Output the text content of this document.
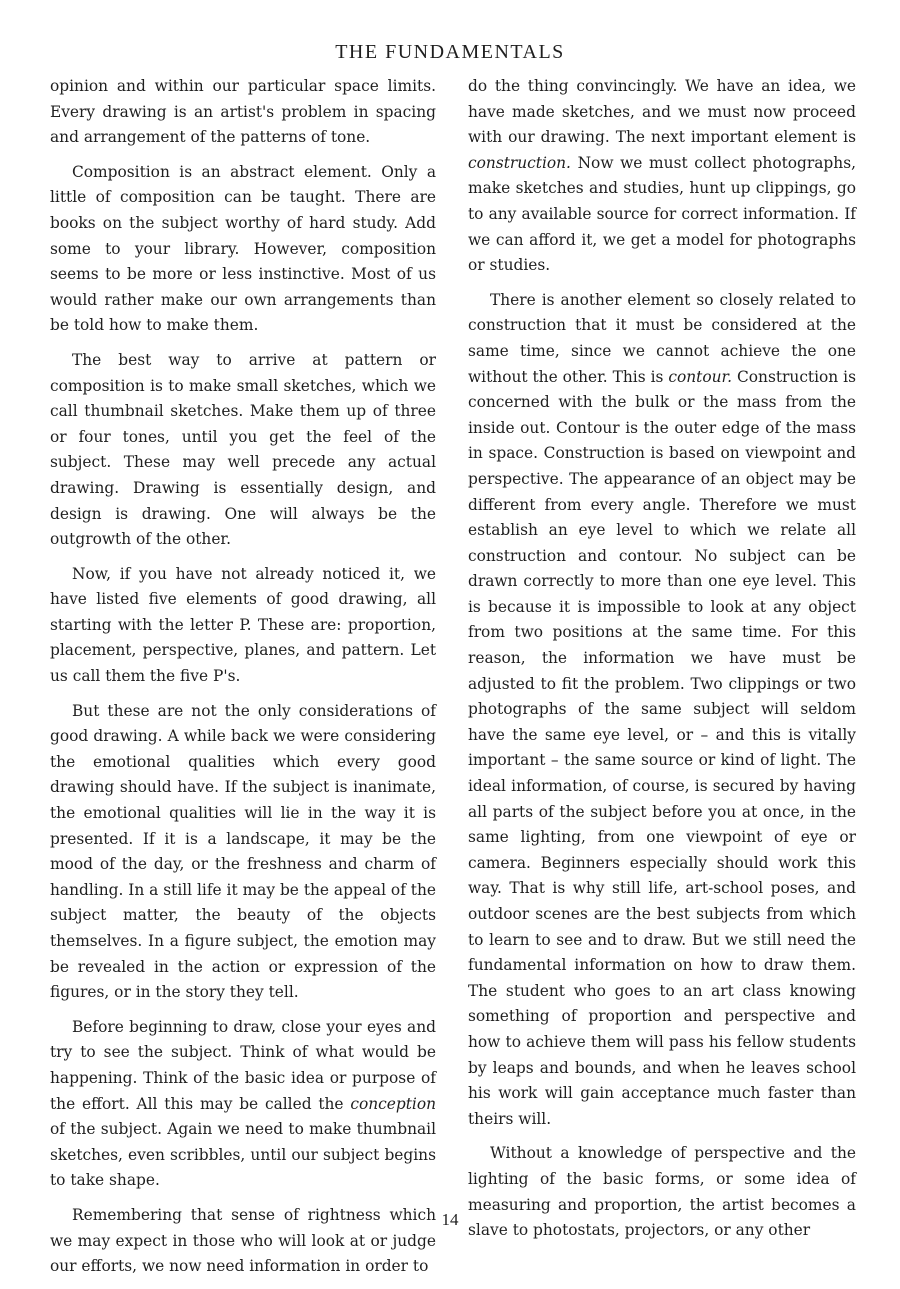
THE FUNDAMENTALS

opinion and within our particular space limits. Every drawing is an artist's problem in spacing and arrangement of the patterns of tone.

Composition is an abstract element. Only a little of composition can be taught. There are books on the subject worthy of hard study. Add some to your library. However, composition seems to be more or less instinctive. Most of us would rather make our own arrangements than be told how to make them.

The best way to arrive at pattern or composition is to make small sketches, which we call thumbnail sketches. Make them up of three or four tones, until you get the feel of the subject. These may well precede any actual drawing. Drawing is essentially design, and design is drawing. One will always be the outgrowth of the other.

Now, if you have not already noticed it, we have listed five elements of good drawing, all starting with the letter P. These are: proportion, placement, perspective, planes, and pattern. Let us call them the five P's.

But these are not the only considerations of good drawing. A while back we were considering the emotional qualities which every good drawing should have. If the subject is inanimate, the emotional qualities will lie in the way it is presented. If it is a landscape, it may be the mood of the day, or the freshness and charm of handling. In a still life it may be the appeal of the subject matter, the beauty of the objects themselves. In a figure subject, the emotion may be revealed in the action or expression of the figures, or in the story they tell.

Before beginning to draw, close your eyes and try to see the subject. Think of what would be happening. Think of the basic idea or purpose of the effort. All this may be called the conception of the subject. Again we need to make thumbnail sketches, even scribbles, until our subject begins to take shape.

Remembering that sense of rightness which we may expect in those who will look at or judge our efforts, we now need information in order to

do the thing convincingly. We have an idea, we have made sketches, and we must now proceed with our drawing. The next important element is construction. Now we must collect photographs, make sketches and studies, hunt up clippings, go to any available source for correct information. If we can afford it, we get a model for photographs or studies.

There is another element so closely related to construction that it must be considered at the same time, since we cannot achieve the one without the other. This is contour. Construction is concerned with the bulk or the mass from the inside out. Contour is the outer edge of the mass in space. Construction is based on viewpoint and perspective. The appearance of an object may be different from every angle. Therefore we must establish an eye level to which we relate all construction and contour. No subject can be drawn correctly to more than one eye level. This is because it is impossible to look at any object from two positions at the same time. For this reason, the information we have must be adjusted to fit the problem. Two clippings or two photographs of the same subject will seldom have the same eye level, or – and this is vitally important – the same source or kind of light. The ideal information, of course, is secured by having all parts of the subject before you at once, in the same lighting, from one viewpoint of eye or camera. Beginners especially should work this way. That is why still life, art-school poses, and outdoor scenes are the best subjects from which to learn to see and to draw. But we still need the fundamental information on how to draw them. The student who goes to an art class knowing something of proportion and perspective and how to achieve them will pass his fellow students by leaps and bounds, and when he leaves school his work will gain acceptance much faster than theirs will.

Without a knowledge of perspective and the lighting of the basic forms, or some idea of measuring and proportion, the artist becomes a slave to photostats, projectors, or any other

14
